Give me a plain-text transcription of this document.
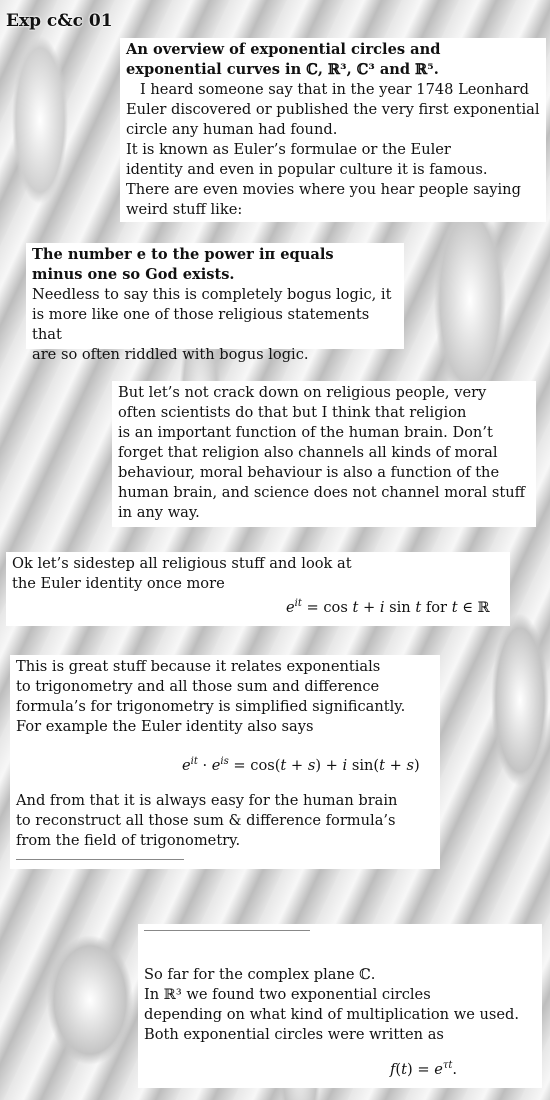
Exp c&c 01

An overview of exponential circles and

exponential curves in ℂ, ℝ³, ℂ³ and ℝ⁵.

I heard someone say that in the year 1748 Leonhard

Euler discovered or published the very first exponential

circle any human had found.

It is known as Euler’s formulae or the Euler

identity and even in popular culture it is famous.

There are even movies where you hear people saying

weird stuff like:

The number e to the power iπ equals

minus one so God exists.

Needless to say this is completely bogus logic, it

is more like one of those religious statements that

are so often riddled with bogus logic.

But let’s not crack down on religious people, very

often scientists do that but I think that religion

is an important function of the human brain. Don’t

forget that religion also channels all kinds of moral

behaviour, moral behaviour is also a function of the

human brain, and science does not channel moral stuff

in any way.

Ok let’s sidestep all religious stuff and look at

the Euler identity once more

$e^{it} = \cos t + i$ sin t for t ∈ ℝ

This is great stuff because it relates exponentials

to trigonometry and all those sum and difference

formula’s for trigonometry is simplified significantly.

For example the Euler identity also says

$e^{it} \cdot e^{is} = \cos(t + s) + i$ sin(t + s)

And from that it is always easy for the human brain

to reconstruct all those sum & difference formula’s

from the field of trigonometry.

So far for the complex plane ℂ.

In ℝ³ we found two exponential circles

depending on what kind of multiplication we used.

Both exponential circles were written as

$f(t) = e^{\tau t}$.
